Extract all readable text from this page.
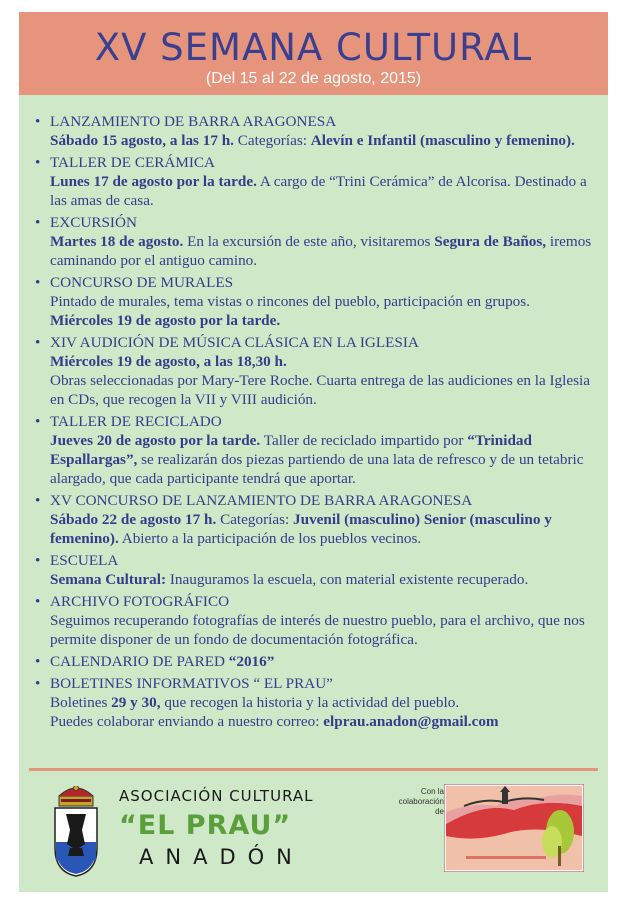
XV SEMANA CULTURAL
(Del 15 al 22 de agosto, 2015)
• LANZAMIENTO DE BARRA ARAGONESA
Sábado 15 agosto, a las 17 h. Categorías: Alevín e Infantil (masculino y femenino).
• TALLER DE CERÁMICA
Lunes 17 de agosto por la tarde. A cargo de “Trini Cerámica” de Alcorisa. Destinado a las amas de casa.
• EXCURSIÓN
Martes 18 de agosto. En la excursión de este año, visitaremos Segura de Baños, iremos caminando por el antiguo camino.
• CONCURSO DE MURALES
Pintado de murales, tema vistas o rincones del pueblo, participación en grupos.
Miércoles 19 de agosto por la tarde.
• XIV AUDICIÓN DE MÚSICA CLÁSICA EN LA IGLESIA
Miércoles 19 de agosto, a las 18,30 h.
Obras seleccionadas por Mary-Tere Roche. Cuarta entrega de las audiciones en la Iglesia en CDs, que recogen la VII y VIII audición.
• TALLER DE RECICLADO
Jueves 20 de agosto por la tarde. Taller de reciclado impartido por “Trinidad Espallargas”, se realizarán dos piezas partiendo de una lata de refresco y de un tetabric alargado, que cada participante tendrá que aportar.
• XV CONCURSO DE LANZAMIENTO DE BARRA ARAGONESA
Sábado 22 de agosto 17 h. Categorías: Juvenil (masculino) Senior (masculino y femenino). Abierto a la participación de los pueblos vecinos.
• ESCUELA
Semana Cultural: Inauguramos la escuela, con material existente recuperado.
• ARCHIVO FOTOGRÁFICO
Seguimos recuperando fotografías de interés de nuestro pueblo, para el archivo, que nos permite disponer de un fondo de documentación fotográfica.
• CALENDARIO DE PARED “2016”
• BOLETINES INFORMATIVOS “ EL PRAU”
Boletines 29 y 30, que recogen la historia y la actividad del pueblo.
Puedes colaborar enviando a nuestro correo: elprau.anadon@gmail.com
ASOCIACIÓN CULTURAL
“EL PRAU”
ANADÓN
Con la
colaboración
de
